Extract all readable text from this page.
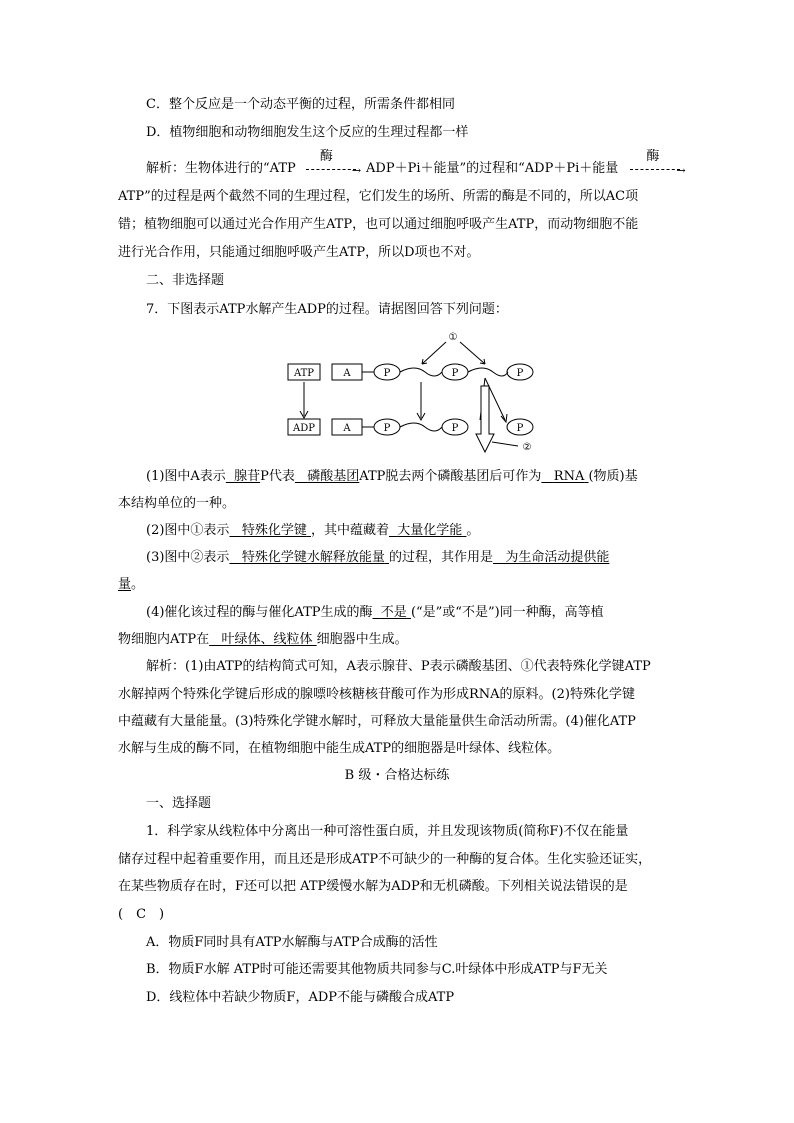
C．整个反应是一个动态平衡的过程，所需条件都相同
D．植物细胞和动物细胞发生这个反应的生理过程都一样
解析：生物体进行的“ATP
酶
→ ADP＋Pi＋能量”的过程和“ADP＋Pi＋能量
酶
→
ATP”的过程是两个截然不同的生理过程，它们发生的场所、所需的酶是不同的，所以AC项
错；植物细胞可以通过光合作用产生ATP，也可以通过细胞呼吸产生ATP，而动物细胞不能
进行光合作用，只能通过细胞呼吸产生ATP，所以D项也不对。
二、非选择题
7．下图表示ATP水解产生ADP的过程。请据图回答下列问题：
ATP	A	P	P	P
①
ADP	A	P	P	P
②
(1)图中A表示 腺苷P代表 磷酸基团ATP脱去两个磷酸基团后可作为 RNA (物质)基
本结构单位的一种。
(2)图中①表示 特殊化学键 ，其中蕴藏着 大量化学能 。
(3)图中②表示 特殊化学键水解释放能量 的过程，其作用是 为生命活动提供能
量。
(4)催化该过程的酶与催化ATP生成的酶 不是 (“是”或“不是”)同一种酶，高等植
物细胞内ATP在 叶绿体、线粒体 细胞器中生成。
解析：(1)由ATP的结构简式可知，A表示腺苷、P表示磷酸基团、①代表特殊化学键ATP
水解掉两个特殊化学键后形成的腺嘌呤核糖核苷酸可作为形成RNA的原料。(2)特殊化学键
中蕴藏有大量能量。(3)特殊化学键水解时，可释放大量能量供生命活动所需。(4)催化ATP
水解与生成的酶不同，在植物细胞中能生成ATP的细胞器是叶绿体、线粒体。
B 级・合格达标练
一、选择题
1．科学家从线粒体中分离出一种可溶性蛋白质，并且发现该物质(简称F)不仅在能量
储存过程中起着重要作用，而且还是形成ATP不可缺少的一种酶的复合体。生化实验还证实，
在某些物质存在时，F还可以把 ATP缓慢水解为ADP和无机磷酸。下列相关说法错误的是
(　C　)
A．物质F同时具有ATP水解酶与ATP合成酶的活性
B．物质F水解 ATP时可能还需要其他物质共同参与C.叶绿体中形成ATP与F无关
D．线粒体中若缺少物质F，ADP不能与磷酸合成ATP
